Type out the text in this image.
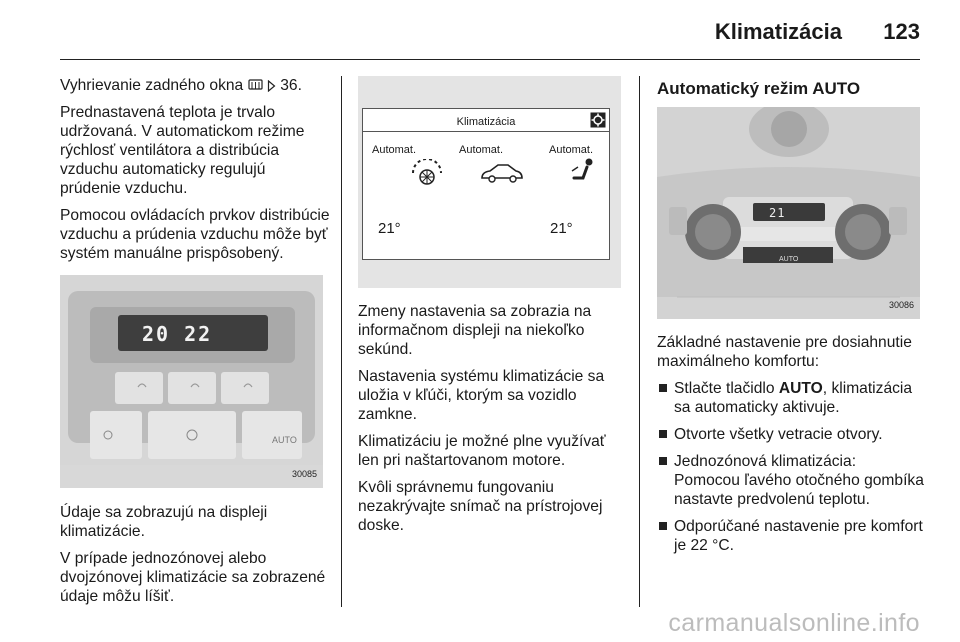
Klimatizácia 123

Vyhrievanie zadného okna 36.

Prednastavená teplota je trvalo udržovaná. V automatickom režime rýchlosť ventilátora a distribúcia vzduchu automaticky regulujú prúdenie vzduchu.

Pomocou ovládacích prvkov distribúcie vzduchu a prúdenia vzduchu môže byť systém manuálne prispôsobený.

20 22
AUTO
30085

Údaje sa zobrazujú na displeji klimatizácie.

V prípade jednozónovej alebo dvojzónovej klimatizácie sa zobrazené údaje môžu líšiť.

Klimatizácia
Automat.	Automat.	Automat.
21°	21°

Zmeny nastavenia sa zobrazia na informačnom displeji na niekoľko sekúnd.

Nastavenia systému klimatizácie sa uložia v kľúči, ktorým sa vozidlo zamkne.

Klimatizáciu je možné plne využívať len pri naštartovanom motore.

Kvôli správnemu fungovaniu nezakrývajte snímač na prístrojovej doske.

Automatický režim AUTO
21
AUTO
30086

Základné nastavenie pre dosiahnutie maximálneho komfortu:

Stlačte tlačidlo AUTO, klimatizácia sa automaticky aktivuje.
Otvorte všetky vetracie otvory.
Jednozónová klimatizácia: Pomocou ľavého otočného gombíka nastavte predvolenú teplotu.
Odporúčané nastavenie pre komfort je 22 °C.
carmanualsonline.info
